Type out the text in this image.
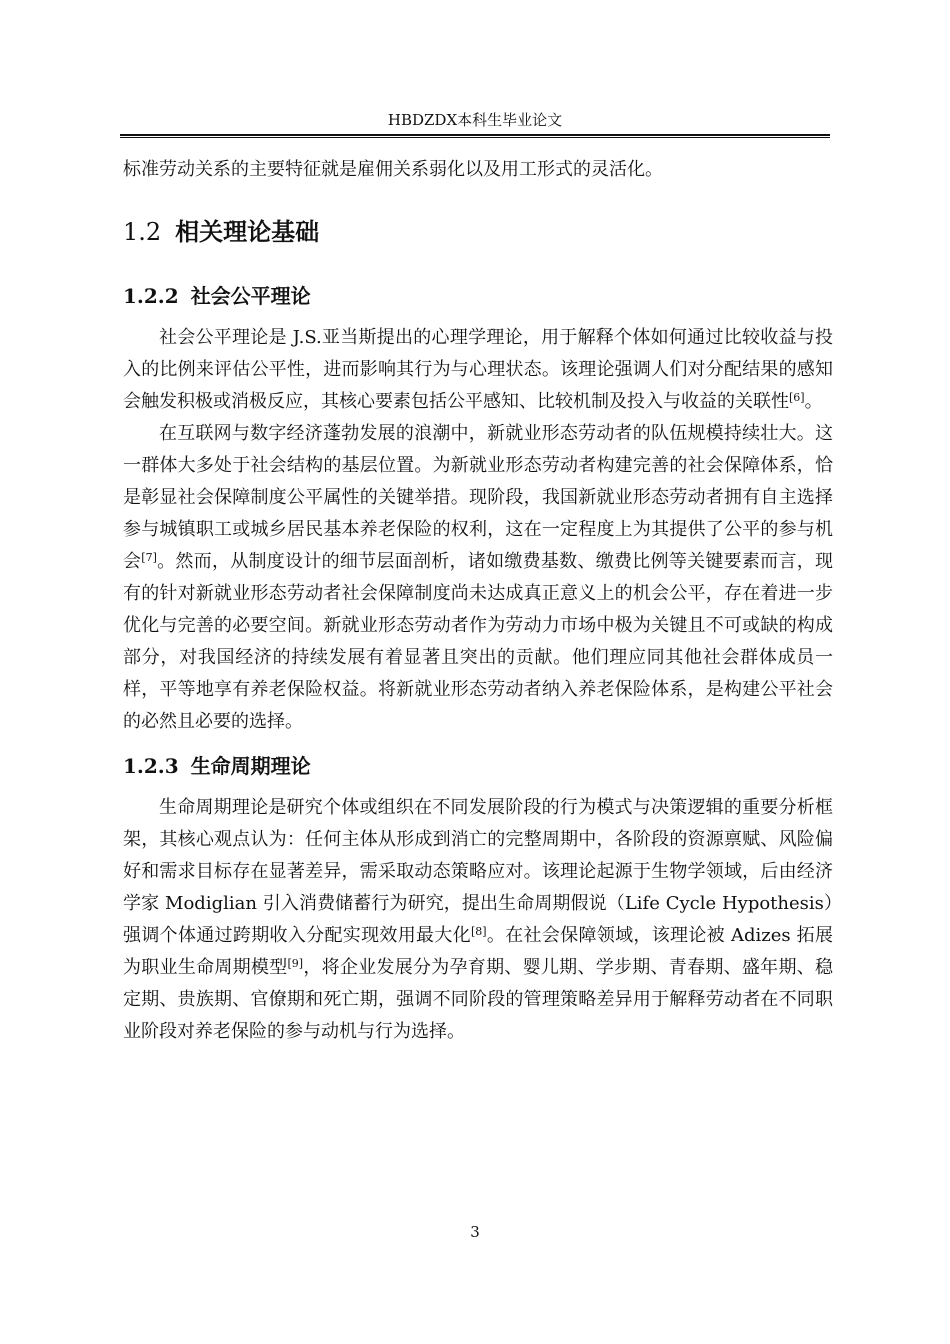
HBDZDX本科生毕业论文

标准劳动关系的主要特征就是雇佣关系弱化以及用工形式的灵活化。

1.2 相关理论基础
1.2.2 社会公平理论

社会公平理论是 J.S.亚当斯提出的心理学理论，用于解释个体如何通过比较收益与投入的比例来评估公平性，进而影响其行为与心理状态。该理论强调人们对分配结果的感知会触发积极或消极反应，其核心要素包括公平感知、比较机制及投入与收益的关联性[6]。

在互联网与数字经济蓬勃发展的浪潮中，新就业形态劳动者的队伍规模持续壮大。这一群体大多处于社会结构的基层位置。为新就业形态劳动者构建完善的社会保障体系，恰是彰显社会保障制度公平属性的关键举措。现阶段，我国新就业形态劳动者拥有自主选择参与城镇职工或城乡居民基本养老保险的权利，这在一定程度上为其提供了公平的参与机会[7]。然而，从制度设计的细节层面剖析，诸如缴费基数、缴费比例等关键要素而言，现有的针对新就业形态劳动者社会保障制度尚未达成真正意义上的机会公平，存在着进一步优化与完善的必要空间。新就业形态劳动者作为劳动力市场中极为关键且不可或缺的构成部分，对我国经济的持续发展有着显著且突出的贡献。他们理应同其他社会群体成员一样，平等地享有养老保险权益。将新就业形态劳动者纳入养老保险体系，是构建公平社会的必然且必要的选择。

1.2.3 生命周期理论

生命周期理论是研究个体或组织在不同发展阶段的行为模式与决策逻辑的重要分析框架，其核心观点认为：任何主体从形成到消亡的完整周期中，各阶段的资源禀赋、风险偏好和需求目标存在显著差异，需采取动态策略应对。该理论起源于生物学领域，后由经济学家 Modiglian 引入消费储蓄行为研究，提出生命周期假说（Life Cycle Hypothesis）强调个体通过跨期收入分配实现效用最大化[8]。在社会保障领域，该理论被 Adizes 拓展为职业生命周期模型[9]，将企业发展分为孕育期、婴儿期、学步期、青春期、盛年期、稳定期、贵族期、官僚期和死亡期，强调不同阶段的管理策略差异用于解释劳动者在不同职业阶段对养老保险的参与动机与行为选择。

3
